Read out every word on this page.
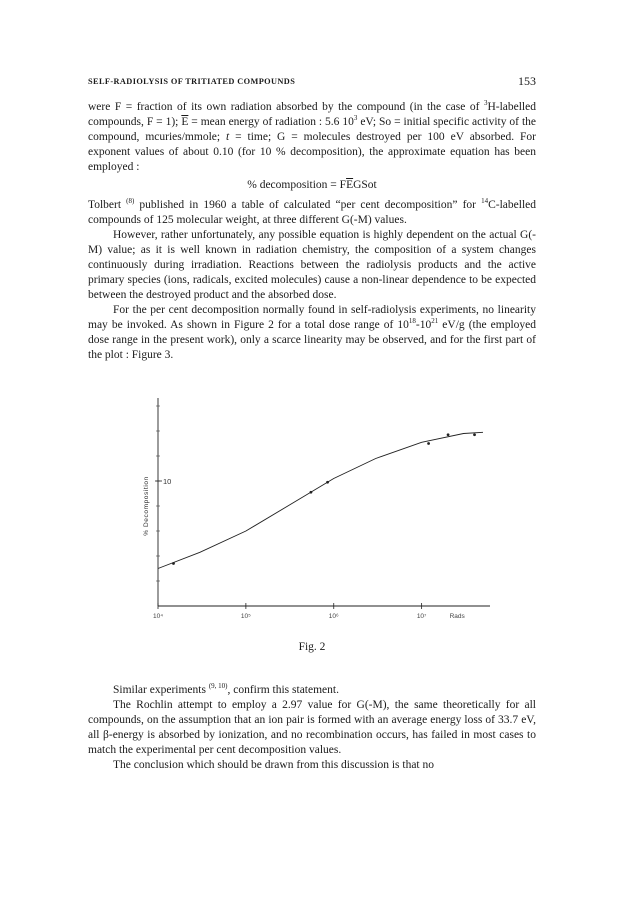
SELF-RADIOLYSIS OF TRITIATED COMPOUNDS	153

were F = fraction of its own radiation absorbed by the compound (in the case of $^3$H-labelled compounds, F = 1); $\overline{E}$ = mean energy of radiation : 5.6 $10^3$ eV; So = initial specific activity of the compound, mcuries/mmole; t = time; G = molecules destroyed per 100 eV absorbed. For exponent values of about 0.10 (for 10 % decomposition), the approximate equation has been employed :

% decomposition = $F\overline{E}GSot$

Tolbert $^{(8)}$ published in 1960 a table of calculated “per cent decomposition” for $^{14}$C-labelled compounds of 125 molecular weight, at three different G(-M) values.

However, rather unfortunately, any possible equation is highly dependent on the actual G(-M) value; as it is well known in radiation chemistry, the composition of a system changes continuously during irradiation. Reactions between the radiolysis products and the active primary species (ions, radicals, excited molecules) cause a non-linear dependence to be expected between the destroyed product and the absorbed dose.

For the per cent decomposition normally found in self-radiolysis experiments, no linearity may be invoked. As shown in Figure 2 for a total dose range of $10^{18}-10^{21}$ eV/g (the employed dose range in the present work), only a scarce linearity may be observed, and for the first part of the plot : Figure 3.

10
% Decomposition
10⁴	10⁵	10⁶	10⁷	Rads
Fig. 2

Similar experiments $^{(9, 10)}$, confirm this statement.

The Rochlin attempt to employ a 2.97 value for G(-M), the same theoretically for all compounds, on the assumption that an ion pair is formed with an average energy loss of 33.7 eV, all β-energy is absorbed by ionization, and no recombination occurs, has failed in most cases to match the experimental per cent decomposition values.

The conclusion which should be drawn from this discussion is that no
